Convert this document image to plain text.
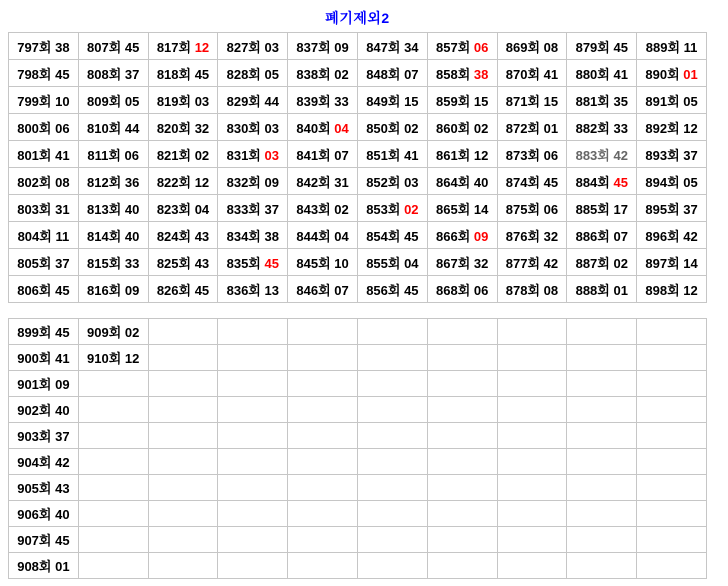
폐기제외2
797회 38	807회 45	817회 12	827회 03	837회 09	847회 34	857회 06	869회 08	879회 45	889회 11
798회 45	808회 37	818회 45	828회 05	838회 02	848회 07	858회 38	870회 41	880회 41	890회 01
799회 10	809회 05	819회 03	829회 44	839회 33	849회 15	859회 15	871회 15	881회 35	891회 05
800회 06	810회 44	820회 32	830회 03	840회 04	850회 02	860회 02	872회 01	882회 33	892회 12
801회 41	811회 06	821회 02	831회 03	841회 07	851회 41	861회 12	873회 06	883회 42	893회 37
802회 08	812회 36	822회 12	832회 09	842회 31	852회 03	864회 40	874회 45	884회 45	894회 05
803회 31	813회 40	823회 04	833회 37	843회 02	853회 02	865회 14	875회 06	885회 17	895회 37
804회 11	814회 40	824회 43	834회 38	844회 04	854회 45	866회 09	876회 32	886회 07	896회 42
805회 37	815회 33	825회 43	835회 45	845회 10	855회 04	867회 32	877회 42	887회 02	897회 14
806회 45	816회 09	826회 45	836회 13	846회 07	856회 45	868회 06	878회 08	888회 01	898회 12
899회 45	909회 02								
900회 41	910회 12								
901회 09									
902회 40									
903회 37									
904회 42									
905회 43									
906회 40									
907회 45									
908회 01									
